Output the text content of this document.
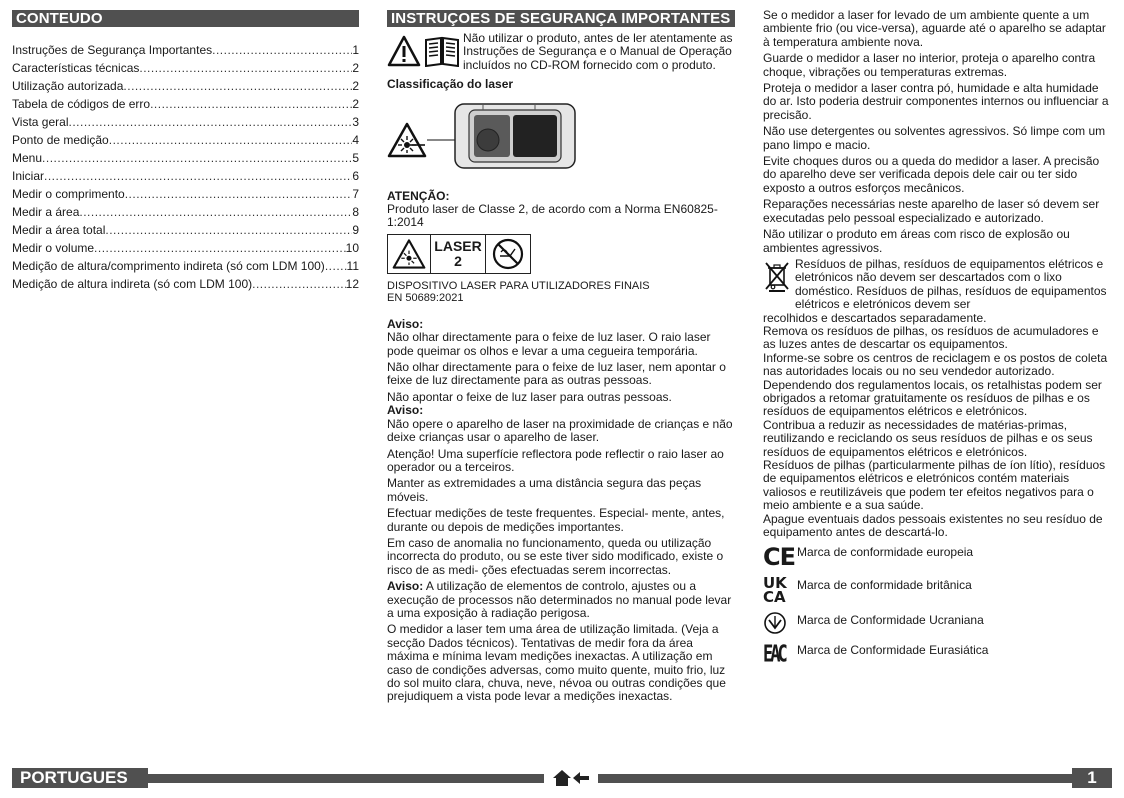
CONTEUDO
Instruções de Segurança Importantes .....	1
Características técnicas .....	2
Utilização autorizada .....	2
Tabela de códigos de erro .....	2
Vista geral .....	3
Ponto de medição .....	4
Menu .....	5
Iniciar .....	6
Medir o comprimento .....	7
Medir a área .....	8
Medir a área total .....	9
Medir o volume .....	10
Medição de altura/comprimento indireta (só com LDM 100) ..... 11
Medição de altura indireta (só com LDM 100) .....	12
INSTRUÇOES DE SEGURANÇA IMPORTANTES
Não utilizar o produto, antes de ler atentamente as Instruções de Segurança e o Manual de Operação incluídos no CD-ROM fornecido com o produto.
Classificação do laser
ATENÇÃO:

Produto laser de Classe 2, de acordo com a Norma EN60825-1:2014

LASER
2
DISPOSITIVO LASER PARA UTILIZADORES FINAIS
EN 50689:2021
Aviso:

Não olhar directamente para o feixe de luz laser. O raio laser pode queimar os olhos e levar a uma cegueira temporária.

Não olhar directamente para o feixe de luz laser, nem apontar o feixe de luz directamente para as outras pessoas.

Não apontar o feixe de luz laser para outras pessoas.

Aviso:

Não opere o aparelho de laser na proximidade de crianças e não deixe crianças usar o aparelho de laser.

Atenção! Uma superfície reflectora pode reflectir o raio laser ao operador ou a terceiros.

Manter as extremidades a uma distância segura das peças móveis.

Efectuar medições de teste frequentes. Especial- mente, antes, durante ou depois de medições importantes.

Em caso de anomalia no funcionamento, queda ou utilização incorrecta do produto, ou se este tiver sido modificado, existe o risco de as medi- ções efectuadas serem incorrectas.

Aviso: A utilização de elementos de controlo, ajustes ou a execução de processos não determinados no manual pode levar a uma exposição à radiação perigosa.

O medidor a laser tem uma área de utilização limitada. (Veja a secção Dados técnicos). Tentativas de medir fora da área máxima e mínima levam medições inexactas. A utilização em caso de condições adversas, como muito quente, muito frio, luz do sol muito clara, chuva, neve, névoa ou outras condições que prejudiquem a vista pode levar a medições inexactas.

Se o medidor a laser for levado de um ambiente quente a um ambiente frio (ou vice-versa), aguarde até o aparelho se adaptar à temperatura ambiente nova.

Guarde o medidor a laser no interior, proteja o aparelho contra choque, vibrações ou temperaturas extremas.

Proteja o medidor a laser contra pó, humidade e alta humidade do ar. Isto poderia destruir componentes internos ou influenciar a precisão.

Não use detergentes ou solventes agressivos. Só limpe com um pano limpo e macio.

Evite choques duros ou a queda do medidor a laser. A precisão do aparelho deve ser verificada depois dele cair ou ter sido exposto a outros esforços mecânicos.

Reparações necessárias neste aparelho de laser só devem ser executadas pelo pessoal especializado e autorizado.

Não utilizar o produto em áreas com risco de explosão ou ambientes agressivos.

Resíduos de pilhas, resíduos de equipamentos elétricos e eletrónicos não devem ser descartados com o lixo doméstico. Resíduos de pilhas, resíduos de equipamentos elétricos e eletrónicos devem ser
recolhidos e descartados separadamente.
Remova os resíduos de pilhas, os resíduos de acumuladores e as luzes antes de descartar os equipamentos.
Informe-se sobre os centros de reciclagem e os postos de coleta nas autoridades locais ou no seu vendedor autorizado.
Dependendo dos regulamentos locais, os retalhistas podem ser obrigados a retomar gratuitamente os resíduos de pilhas e os resíduos de equipamentos elétricos e eletrónicos.
Contribua a reduzir as necessidades de matérias-primas, reutilizando e reciclando os seus resíduos de pilhas e os seus resíduos de equipamentos elétricos e eletrónicos.
Resíduos de pilhas (particularmente pilhas de íon lítio), resíduos de equipamentos elétricos e eletrónicos contém materiais valiosos e reutilizáveis que podem ter efeitos negativos para o meio ambiente e a sua saúde.
Apague eventuais dados pessoais existentes no seu resíduo de equipamento antes de descartá-lo.
CE Marca de conformidade europeia
UK
CA
Marca de conformidade britânica
Marca de Conformidade Ucraniana
EAC Marca de Conformidade Eurasiática
PORTUGUES	1
